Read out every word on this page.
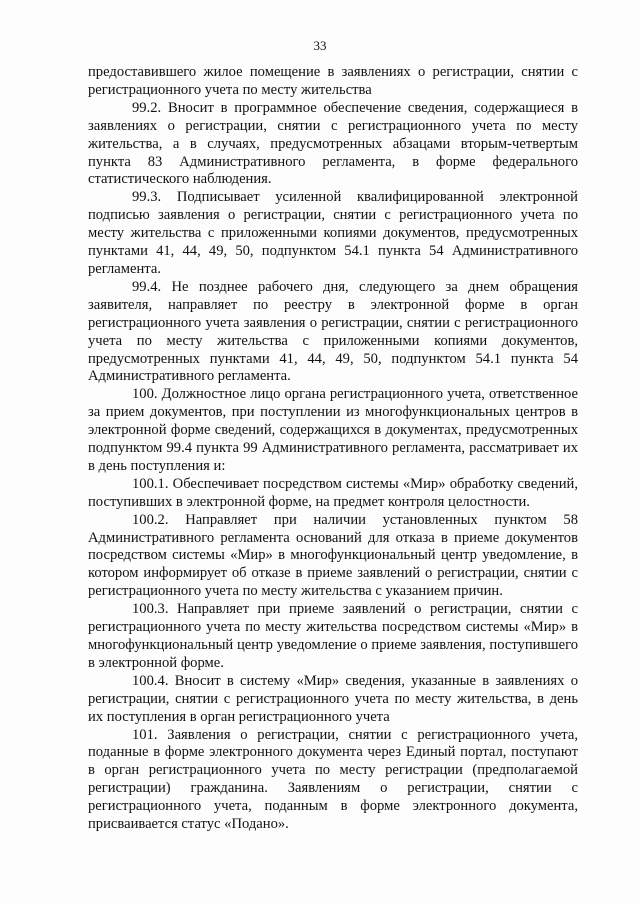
33

предоставившего жилое помещение в заявлениях о регистрации, снятии с регистрационного учета по месту жительства

99.2. Вносит в программное обеспечение сведения, содержащиеся в заявлениях о регистрации, снятии с регистрационного учета по месту жительства, а в случаях, предусмотренных абзацами вторым-четвертым пункта 83 Административного регламента, в форме федерального статистического наблюдения.

99.3. Подписывает усиленной квалифицированной электронной подписью заявления о регистрации, снятии с регистрационного учета по месту жительства с приложенными копиями документов, предусмотренных пунктами 41, 44, 49, 50, подпунктом 54.1 пункта 54 Административного регламента.

99.4. Не позднее рабочего дня, следующего за днем обращения заявителя, направляет по реестру в электронной форме в орган регистрационного учета заявления о регистрации, снятии с регистрационного учета по месту жительства с приложенными копиями документов, предусмотренных пунктами 41, 44, 49, 50, подпунктом 54.1 пункта 54 Административного регламента.

100. Должностное лицо органа регистрационного учета, ответственное за прием документов, при поступлении из многофункциональных центров в электронной форме сведений, содержащихся в документах, предусмотренных подпунктом 99.4 пункта 99 Административного регламента, рассматривает их в день поступления и:

100.1. Обеспечивает посредством системы «Мир» обработку сведений, поступивших в электронной форме, на предмет контроля целостности.

100.2. Направляет при наличии установленных пунктом 58 Административного регламента оснований для отказа в приеме документов посредством системы «Мир» в многофункциональный центр уведомление, в котором информирует об отказе в приеме заявлений о регистрации, снятии с регистрационного учета по месту жительства с указанием причин.

100.3. Направляет при приеме заявлений о регистрации, снятии с регистрационного учета по месту жительства посредством системы «Мир» в многофункциональный центр уведомление о приеме заявления, поступившего в электронной форме.

100.4. Вносит в систему «Мир» сведения, указанные в заявлениях о регистрации, снятии с регистрационного учета по месту жительства, в день их поступления в орган регистрационного учета

101. Заявления о регистрации, снятии с регистрационного учета, поданные в форме электронного документа через Единый портал, поступают в орган регистрационного учета по месту регистрации (предполагаемой регистрации) гражданина. Заявлениям о регистрации, снятии с регистрационного учета, поданным в форме электронного документа, присваивается статус «Подано».
